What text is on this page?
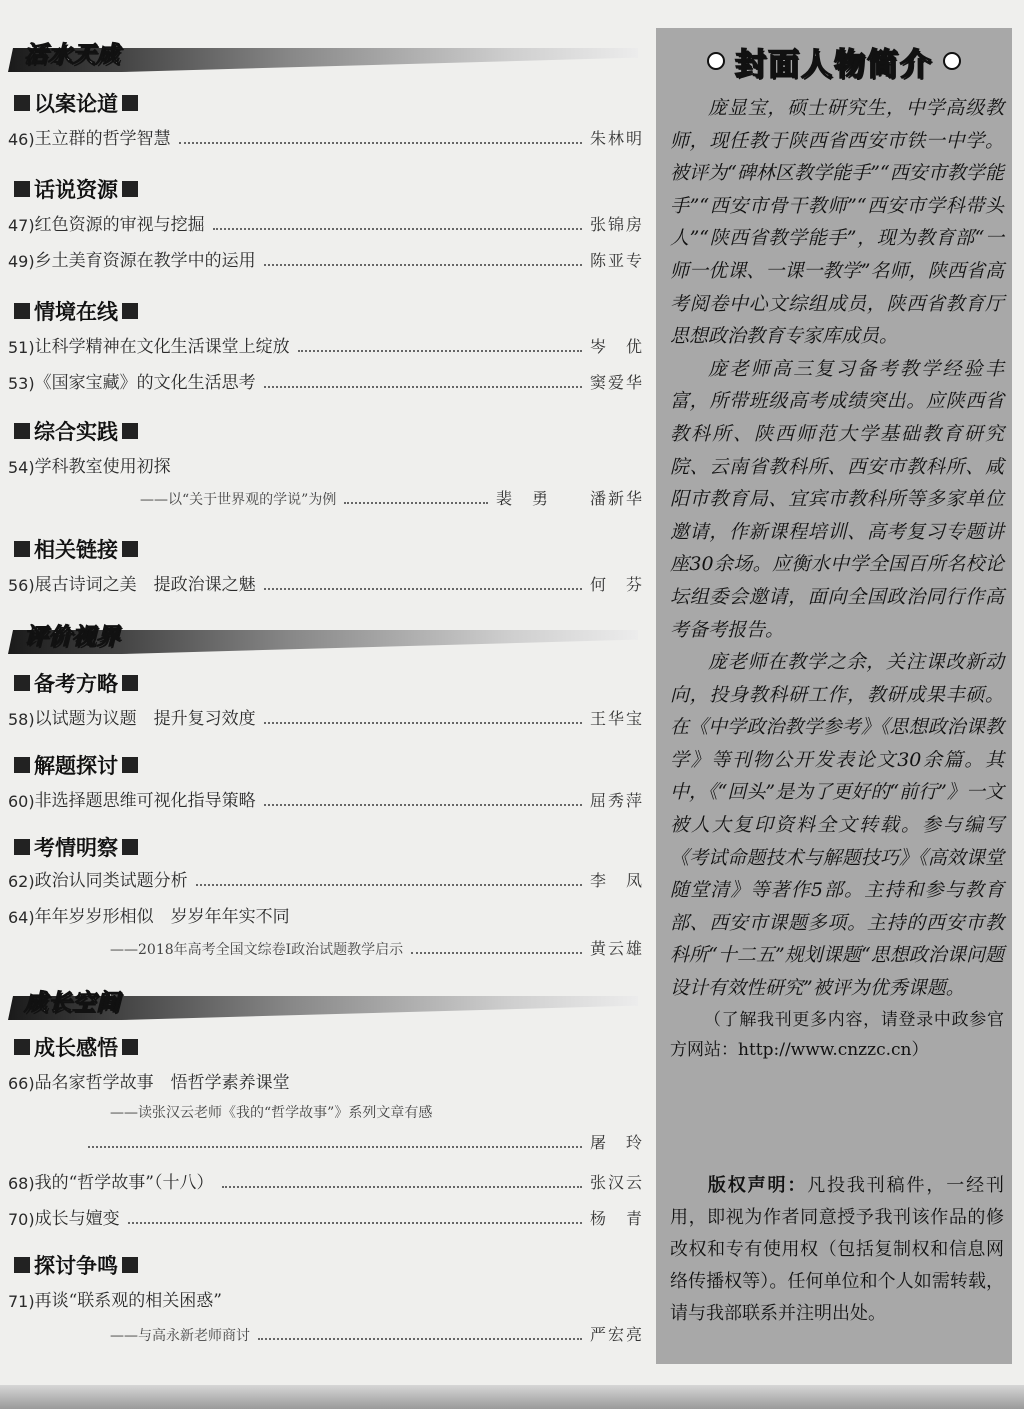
活水天成
以案论道
46) 王立群的哲学智慧	朱林明
话说资源
47) 红色资源的审视与挖掘	张锦房
49) 乡土美育资源在教学中的运用	陈亚专
情境在线
51) 让科学精神在文化生活课堂上绽放	岑　优
53) 《国家宝藏》的文化生活思考	窦爱华
综合实践
54) 学科教室使用初探
——以“关于世界观的学说”为例	裴　勇	潘新华
相关链接
56) 展古诗词之美　提政治课之魅	何　芬
评价视界
备考方略
58) 以试题为议题　提升复习效度	王华宝
解题探讨
60) 非选择题思维可视化指导策略	屈秀萍
考情明察
62) 政治认同类试题分析	李　凤
64) 年年岁岁形相似　岁岁年年实不同
——2018年高考全国文综卷Ⅰ政治试题教学启示	黄云雄
成长空间
成长感悟
66) 品名家哲学故事　悟哲学素养课堂
——读张汉云老师《我的“哲学故事”》系列文章有感
屠　玲
68) 我的“哲学故事”（十八）	张汉云
70) 成长与嬗变	杨　青
探讨争鸣
71) 再谈“联系观的相关困惑”
——与高永新老师商讨	严宏亮
封面人物简介

庞显宝，硕士研究生，中学高级教师，现任教于陕西省西安市铁一中学。被评为“碑林区教学能手”“西安市教学能手”“西安市骨干教师”“西安市学科带头人”“陕西省教学能手”，现为教育部“一师一优课、一课一教学”名师，陕西省高考阅卷中心文综组成员，陕西省教育厅思想政治教育专家库成员。

庞老师高三复习备考教学经验丰富，所带班级高考成绩突出。应陕西省教科所、陕西师范大学基础教育研究院、云南省教科所、西安市教科所、咸阳市教育局、宜宾市教科所等多家单位邀请，作新课程培训、高考复习专题讲座30余场。应衡水中学全国百所名校论坛组委会邀请，面向全国政治同行作高考备考报告。

庞老师在教学之余，关注课改新动向，投身教科研工作，教研成果丰硕。在《中学政治教学参考》《思想政治课教学》等刊物公开发表论文30余篇。其中，《“回头”是为了更好的“前行”》一文被人大复印资料全文转载。参与编写《考试命题技术与解题技巧》《高效课堂随堂清》等著作5部。主持和参与教育部、西安市课题多项。主持的西安市教科所“十二五”规划课题“思想政治课问题设计有效性研究”被评为优秀课题。

（了解我刊更多内容，请登录中政参官方网站：http://www.cnzzc.cn）

版权声明：凡投我刊稿件，一经刊用，即视为作者同意授予我刊该作品的修改权和专有使用权（包括复制权和信息网络传播权等）。任何单位和个人如需转载，请与我部联系并注明出处。
